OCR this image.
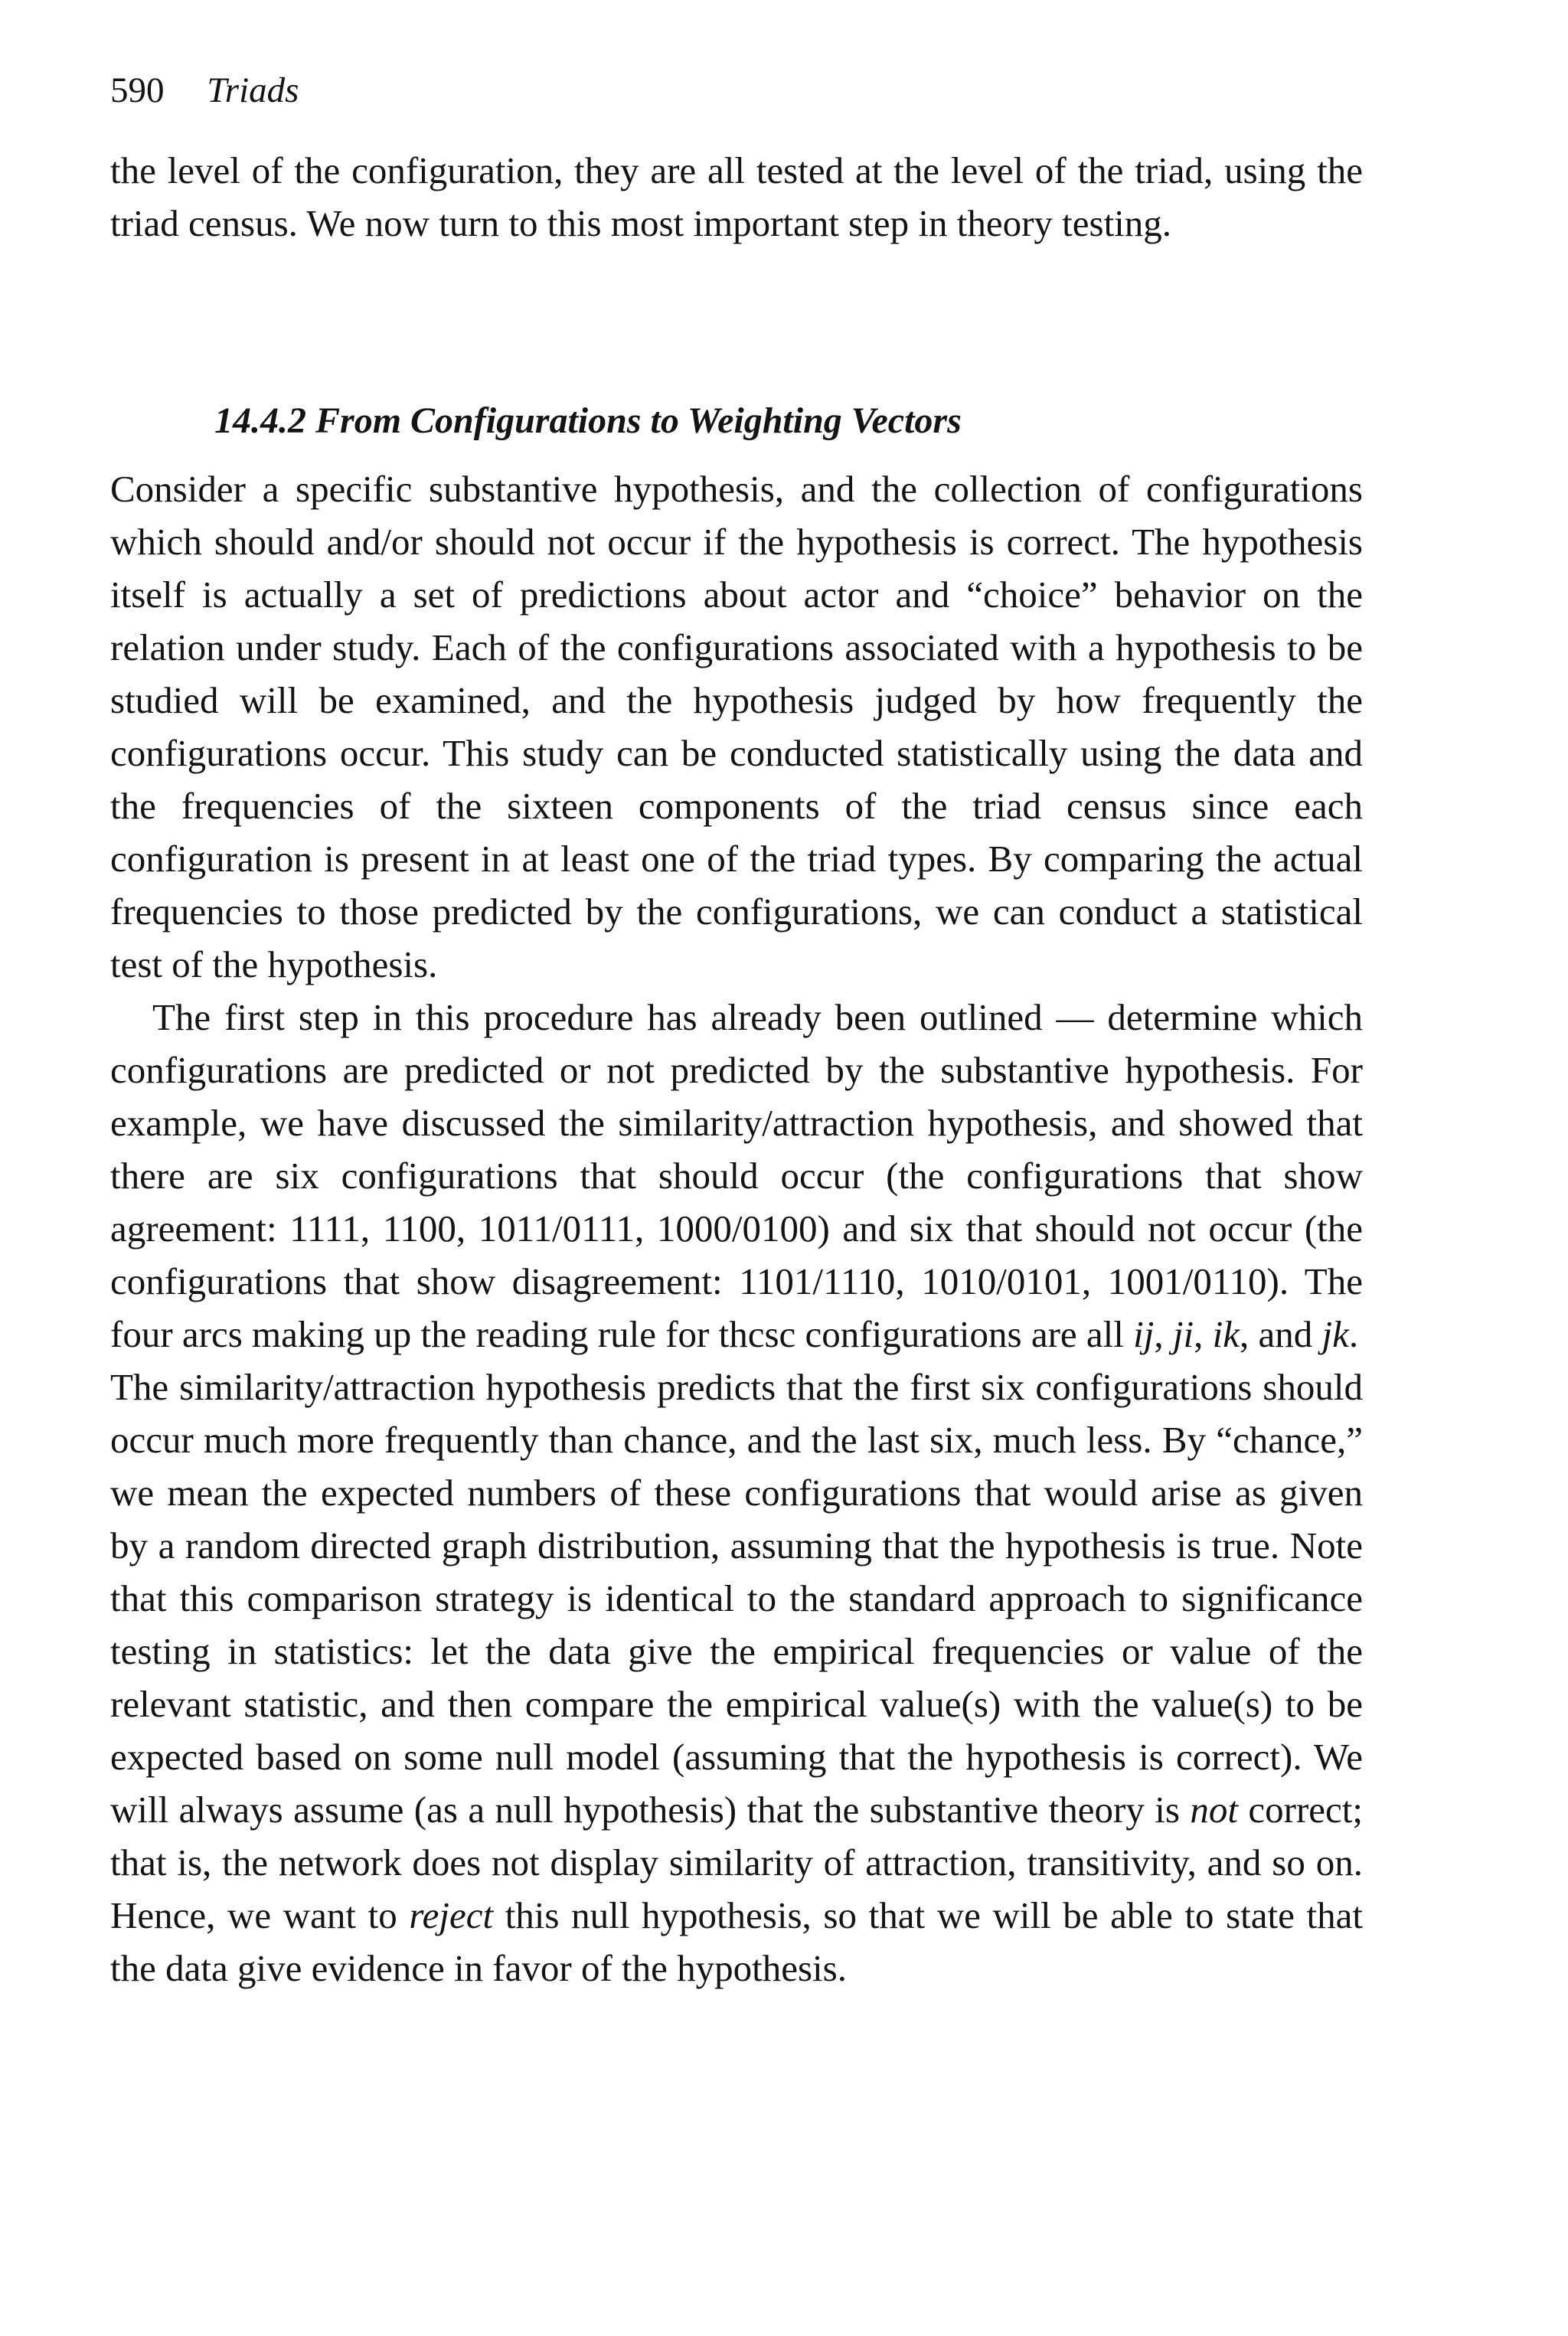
590 Triads

the level of the configuration, they are all tested at the level of the triad, using the triad census. We now turn to this most important step in theory testing.

14.4.2 From Configurations to Weighting Vectors

Consider a specific substantive hypothesis, and the collection of configurations which should and/or should not occur if the hypothesis is correct. The hypothesis itself is actually a set of predictions about actor and “choice” behavior on the relation under study. Each of the configurations associated with a hypothesis to be studied will be examined, and the hypothesis judged by how frequently the configurations occur. This study can be conducted statistically using the data and the frequencies of the sixteen components of the triad census since each configuration is present in at least one of the triad types. By comparing the actual frequencies to those predicted by the configurations, we can conduct a statistical test of the hypothesis.

The first step in this procedure has already been outlined — determine which configurations are predicted or not predicted by the substantive hypothesis. For example, we have discussed the similarity/attraction hypothesis, and showed that there are six configurations that should occur (the configurations that show agreement: 1111, 1100, 1011/0111, 1000/0100) and six that should not occur (the configurations that show disagreement: 1101/1110, 1010/0101, 1001/0110). The four arcs making up the reading rule for thcsc configurations are all ij, ji, ik, and jk.

The similarity/attraction hypothesis predicts that the first six configurations should occur much more frequently than chance, and the last six, much less. By “chance,” we mean the expected numbers of these configurations that would arise as given by a random directed graph distribution, assuming that the hypothesis is true. Note that this comparison strategy is identical to the standard approach to significance testing in statistics: let the data give the empirical frequencies or value of the relevant statistic, and then compare the empirical value(s) with the value(s) to be expected based on some null model (assuming that the hypothesis is correct). We will always assume (as a null hypothesis) that the substantive theory is not correct; that is, the network does not display similarity of attraction, transitivity, and so on. Hence, we want to reject this null hypothesis, so that we will be able to state that the data give evidence in favor of the hypothesis.
